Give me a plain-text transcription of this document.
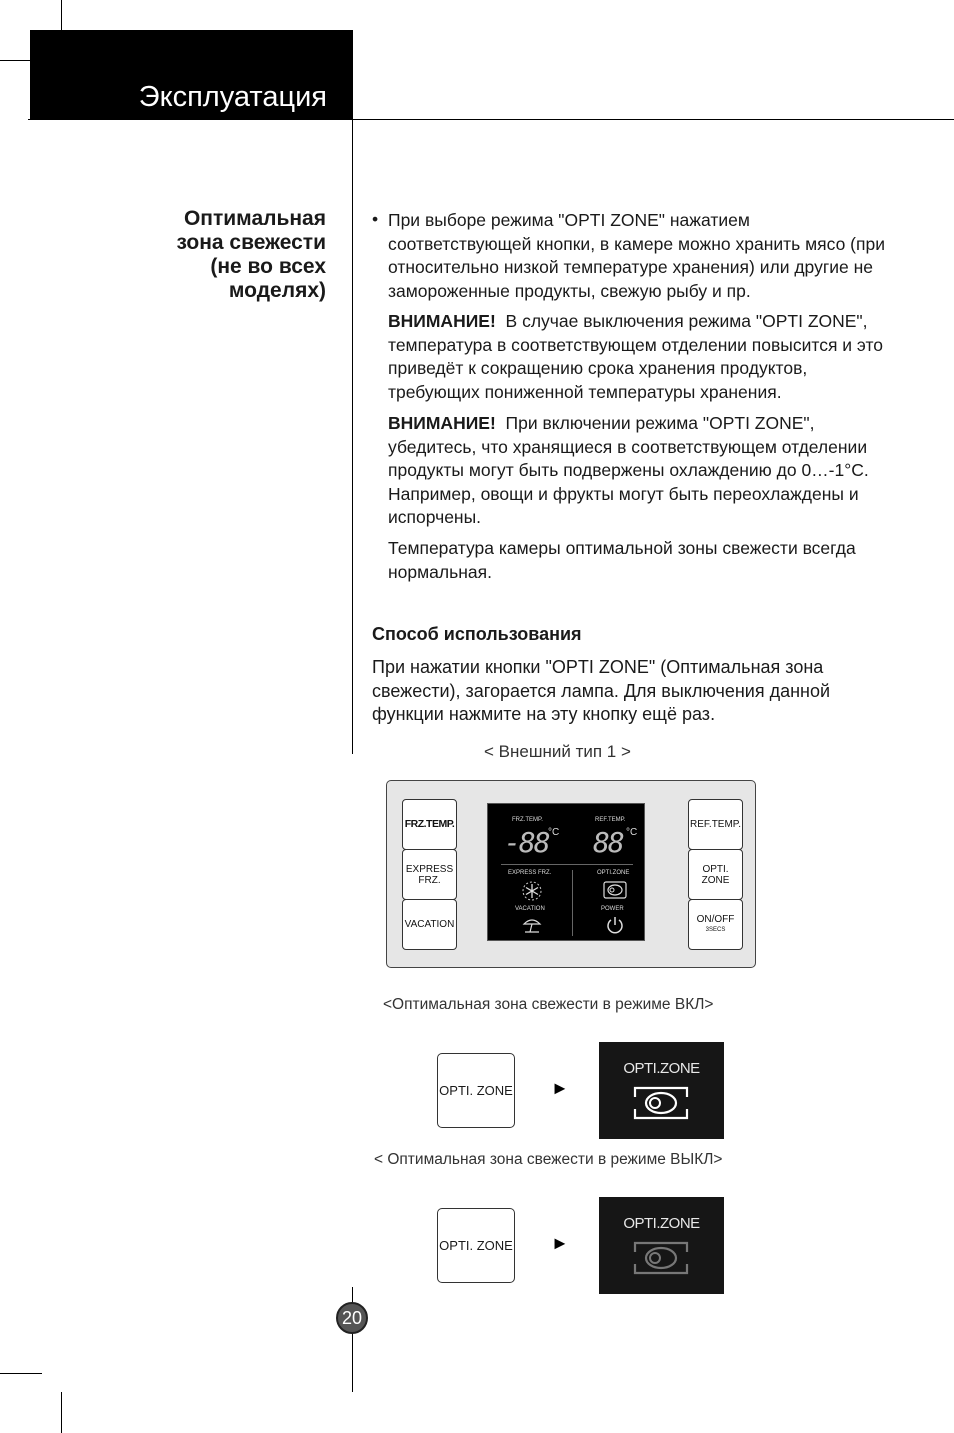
Эксплуатация
Оптимальная
зона свежести
(не во всех
моделях)
• При выборе режима "OPTI ZONE" нажатием соответствующей кнопки, в камере можно хранить мясо (при относительно низкой температуре хранения) или другие не замороженные продукты, свежую рыбу и пр.
ВНИМАНИЕ! В случае выключения режима "OPTI ZONE", температура в соответствующем отделении повысится и это приведёт к сокращению срока хранения продуктов, требующих пониженной температуры хранения.
ВНИМАНИЕ! При включении режима "OPTI ZONE", убедитесь, что хранящиеся в соответствующем отделении продукты могут быть подвержены охлаждению до 0…-1°C. Например, овощи и фрукты могут быть переохлаждены и испорчены.
Температура камеры оптимальной зоны свежести всегда нормальная.
Способ использования
При нажатии кнопки "OPTI ZONE" (Оптимальная зона свежести), загорается лампа. Для выключения данной функции нажмите на эту кнопку ещё раз.
< Внешний тип 1 >
FRZ.TEMP.
EXPRESS
FRZ.
VACATION
FRZ.TEMP.	REF.TEMP.
-88 °C 88 °C
EXPRESS FRZ.	OPTI.ZONE
VACATION	POWER
REF.TEMP.
OPTI. ZONE
ON/OFF
3SECS
<Оптимальная зона свежести в режиме ВКЛ>
OPTI. ZONE ►
OPTI.ZONE
< Оптимальная зона свежести в режиме ВЫКЛ>
OPTI. ZONE ►
OPTI.ZONE
20
